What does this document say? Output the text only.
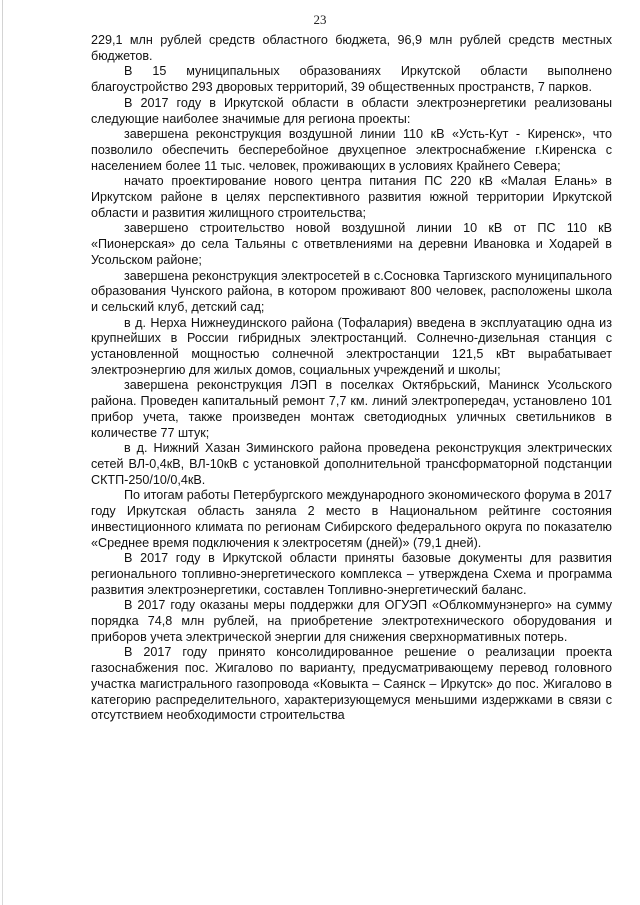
23

229,1 млн рублей средств областного бюджета, 96,9 млн рублей средств местных бюджетов.

В 15 муниципальных образованиях Иркутской области выполнено благоустройство 293 дворовых территорий, 39 общественных пространств, 7 парков.

В 2017 году в Иркутской области в области электроэнергетики реализованы следующие наиболее значимые для региона проекты:

завершена реконструкция воздушной линии 110 кВ «Усть-Кут - Киренск», что позволило обеспечить бесперебойное двухцепное электроснабжение г.Киренска с населением более 11 тыс. человек, проживающих в условиях Крайнего Севера;

начато проектирование нового центра питания ПС 220 кВ «Малая Елань» в Иркутском районе в целях перспективного развития южной территории Иркутской области и развития жилищного строительства;

завершено строительство новой воздушной линии 10 кВ от ПС 110 кВ «Пионерская» до села Тальяны с ответвлениями на деревни Ивановка и Ходарей в Усольском районе;

завершена реконструкция электросетей в с.Сосновка Таргизского муниципального образования Чунского района, в котором проживают 800 человек, расположены школа и сельский клуб, детский сад;

в д. Нерха Нижнеудинского района (Тофалария) введена в эксплуатацию одна из крупнейших в России гибридных электростанций. Солнечно-дизельная станция с установленной мощностью солнечной электростанции 121,5 кВт вырабатывает электроэнергию для жилых домов, социальных учреждений и школы;

завершена реконструкция ЛЭП в поселках Октябрьский, Манинск Усольского района. Проведен капитальный ремонт 7,7 км. линий электропередач, установлено 101 прибор учета, также произведен монтаж светодиодных уличных светильников в количестве 77 штук;

в д. Нижний Хазан Зиминского района проведена реконструкция электрических сетей ВЛ-0,4кВ, ВЛ-10кВ с установкой дополнительной трансформаторной подстанции СКТП-250/10/0,4кВ.

По итогам работы Петербургского международного экономического форума в 2017 году Иркутская область заняла 2 место в Национальном рейтинге состояния инвестиционного климата по регионам Сибирского федерального округа по показателю «Среднее время подключения к электросетям (дней)» (79,1 дней).

В 2017 году в Иркутской области приняты базовые документы для развития регионального топливно-энергетического комплекса – утверждена Схема и программа развития электроэнергетики, составлен Топливно-энергетический баланс.

В 2017 году оказаны меры поддержки для ОГУЭП «Облкоммунэнерго» на сумму порядка 74,8 млн рублей, на приобретение электротехнического оборудования и приборов учета электрической энергии для снижения сверхнормативных потерь.

В 2017 году принято консолидированное решение о реализации проекта газоснабжения пос. Жигалово по варианту, предусматривающему перевод головного участка магистрального газопровода «Ковыкта – Саянск – Иркутск» до пос. Жигалово в категорию распределительного, характеризующемуся меньшими издержками в связи с отсутствием необходимости строительства
